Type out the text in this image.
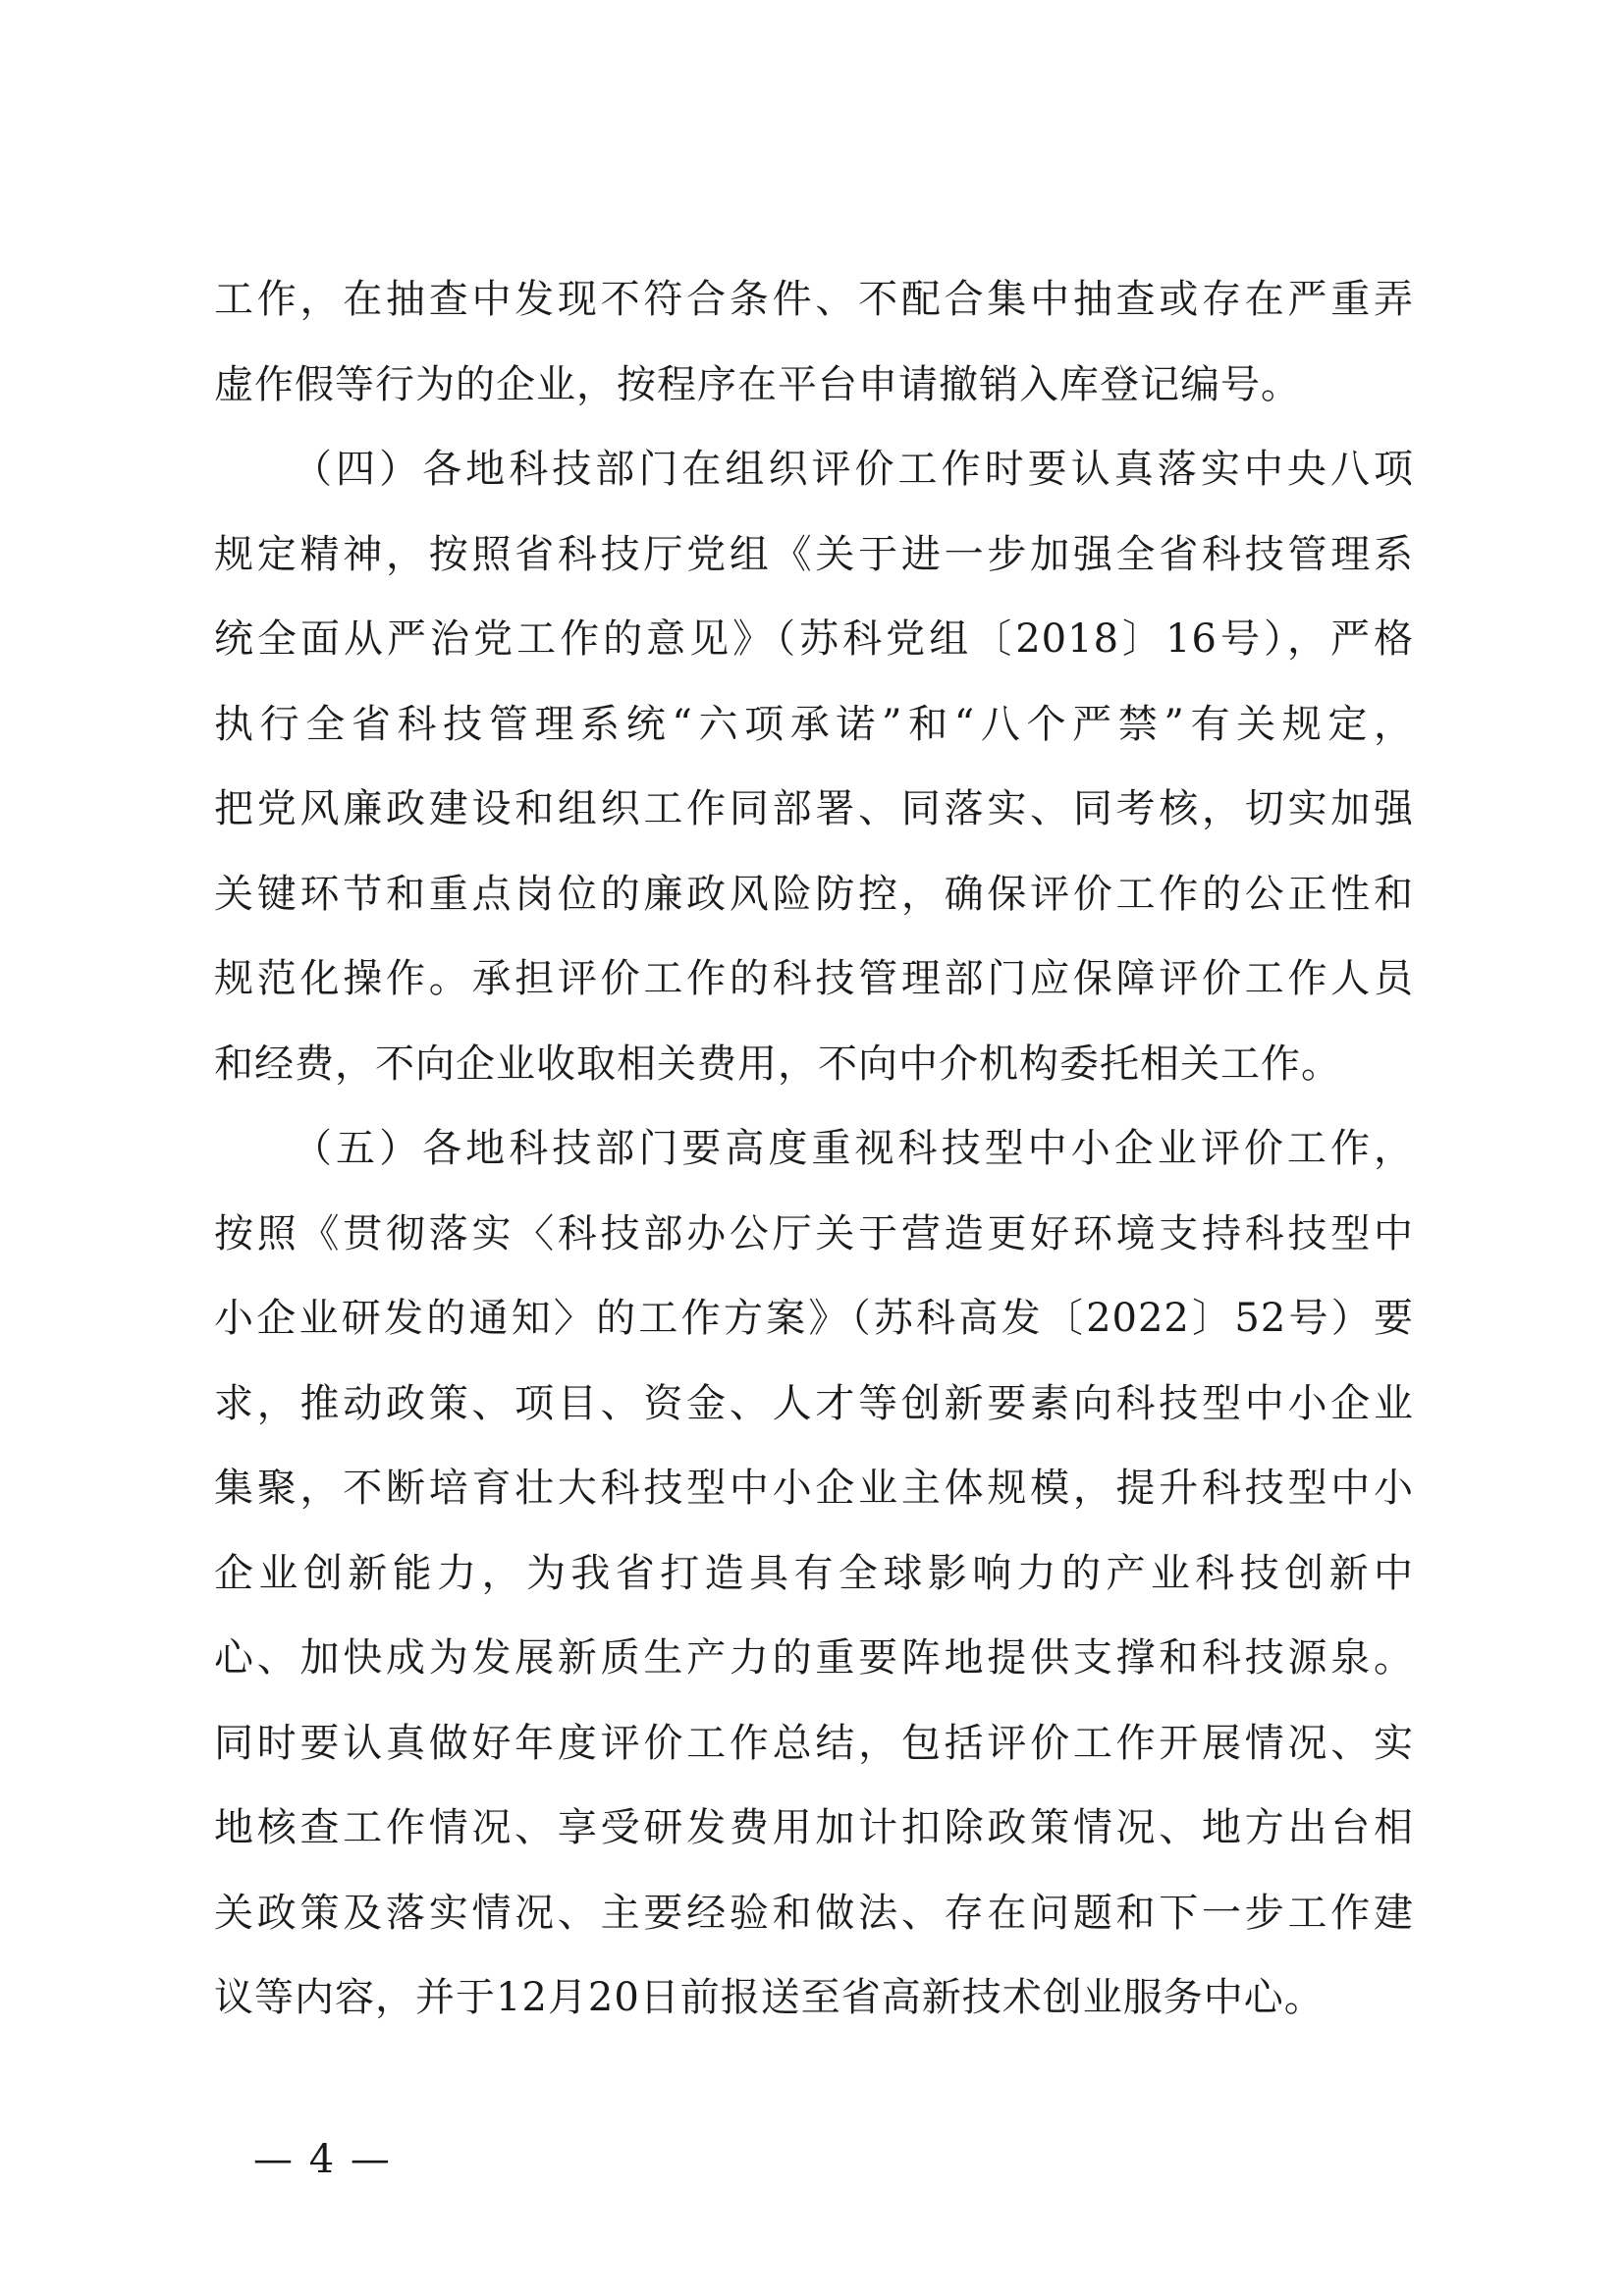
工作，在抽查中发现不符合条件、不配合集中抽查或存在严重弄
虚作假等行为的企业，按程序在平台申请撤销入库登记编号。
（四）各地科技部门在组织评价工作时要认真落实中央八项
规定精神，按照省科技厅党组《关于进一步加强全省科技管理系
统全面从严治党工作的意见》（苏科党组〔2018〕16号），严格
执行全省科技管理系统“六项承诺”和“八个严禁”有关规定，
把党风廉政建设和组织工作同部署、同落实、同考核，切实加强
关键环节和重点岗位的廉政风险防控，确保评价工作的公正性和
规范化操作。承担评价工作的科技管理部门应保障评价工作人员
和经费，不向企业收取相关费用，不向中介机构委托相关工作。
（五）各地科技部门要高度重视科技型中小企业评价工作，
按照《贯彻落实〈科技部办公厅关于营造更好环境支持科技型中
小企业研发的通知〉的工作方案》（苏科高发〔2022〕52号）要
求，推动政策、项目、资金、人才等创新要素向科技型中小企业
集聚，不断培育壮大科技型中小企业主体规模，提升科技型中小
企业创新能力，为我省打造具有全球影响力的产业科技创新中
心、加快成为发展新质生产力的重要阵地提供支撑和科技源泉。
同时要认真做好年度评价工作总结，包括评价工作开展情况、实
地核查工作情况、享受研发费用加计扣除政策情况、地方出台相
关政策及落实情况、主要经验和做法、存在问题和下一步工作建
议等内容，并于12月20日前报送至省高新技术创业服务中心。
— 4 —
